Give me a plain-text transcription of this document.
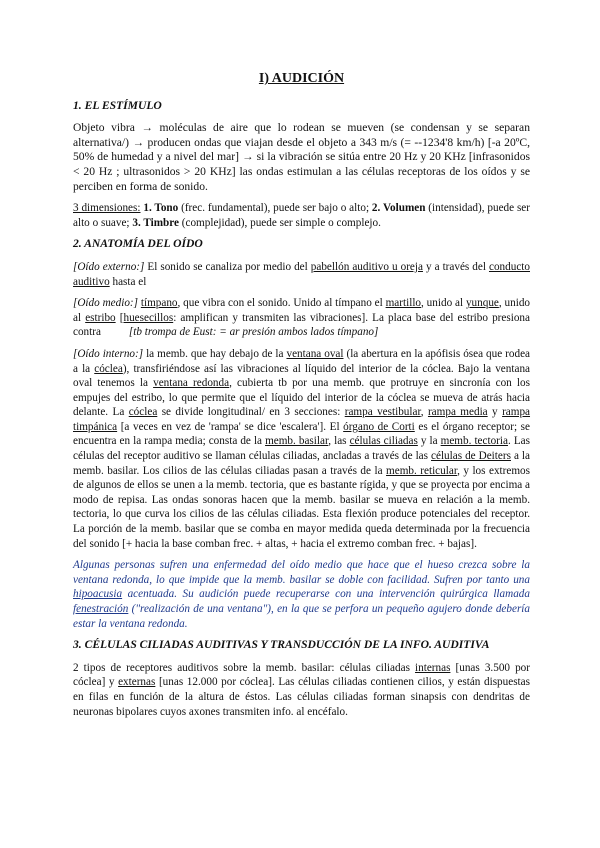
I) AUDICIÓN
1. EL ESTÍMULO

Objeto vibra → moléculas de aire que lo rodean se mueven (se condensan y se separan alternativa/) → producen ondas que viajan desde el objeto a 343 m/s (= --1234'8 km/h) [-a 20ºC, 50% de humedad y a nivel del mar] → si la vibración se sitúa entre 20 Hz y 20 KHz [infrasonidos < 20 Hz ; ultrasonidos > 20 KHz] las ondas estimulan a las células receptoras de los oídos y se perciben en forma de sonido.

3 dimensiones: 1. Tono (frec. fundamental), puede ser bajo o alto; 2. Volumen (intensidad), puede ser alto o suave; 3. Timbre (complejidad), puede ser simple o complejo.

2. ANATOMÍA DEL OÍDO

[Oído externo:] El sonido se canaliza por medio del pabellón auditivo u oreja y a través del conducto auditivo hasta el

[Oído medio:] tímpano, que vibra con el sonido. Unido al tímpano el martillo, unido al yunque, unido al estribo [huesecillos: amplifican y transmiten las vibraciones]. La placa base del estribo presiona contra [tb trompa de Eust: = ar presión ambos lados tímpano]

[Oído interno:] la memb. que hay debajo de la ventana oval (la abertura en la apófisis ósea que rodea a la cóclea), transfiriéndose así las vibraciones al líquido del interior de la cóclea. Bajo la ventana oval tenemos la ventana redonda, cubierta tb por una memb. que protruye en sincronía con los empujes del estribo, lo que permite que el líquido del interior de la cóclea se mueva de atrás hacia delante. La cóclea se divide longitudinal/ en 3 secciones: rampa vestibular, rampa media y rampa timpánica [a veces en vez de 'rampa' se dice 'escalera']. El órgano de Corti es el órgano receptor; se encuentra en la rampa media; consta de la memb. basilar, las células ciliadas y la memb. tectoria. Las células del receptor auditivo se llaman células ciliadas, ancladas a través de las células de Deiters a la memb. basilar. Los cilios de las células ciliadas pasan a través de la memb. reticular, y los extremos de algunos de ellos se unen a la memb. tectoria, que es bastante rígida, y que se proyecta por encima a modo de repisa. Las ondas sonoras hacen que la memb. basilar se mueva en relación a la memb. tectoria, lo que curva los cilios de las células ciliadas. Esta flexión produce potenciales del receptor. La porción de la memb. basilar que se comba en mayor medida queda determinada por la frecuencia del sonido [+ hacia la base comban frec. + altas, + hacia el extremo comban frec. + bajas].

Algunas personas sufren una enfermedad del oído medio que hace que el hueso crezca sobre la ventana redonda, lo que impide que la memb. basilar se doble con facilidad. Sufren por tanto una hipoacusia acentuada. Su audición puede recuperarse con una intervención quirúrgica llamada fenestración ("realización de una ventana"), en la que se perfora un pequeño agujero donde debería estar la ventana redonda.

3. CÉLULAS CILIADAS AUDITIVAS Y TRANSDUCCIÓN DE LA INFO. AUDITIVA

2 tipos de receptores auditivos sobre la memb. basilar: células ciliadas internas [unas 3.500 por cóclea] y externas [unas 12.000 por cóclea]. Las células ciliadas contienen cilios, y están dispuestas en filas en función de la altura de éstos. Las células ciliadas forman sinapsis con dendritas de neuronas bipolares cuyos axones transmiten info. al encéfalo.
